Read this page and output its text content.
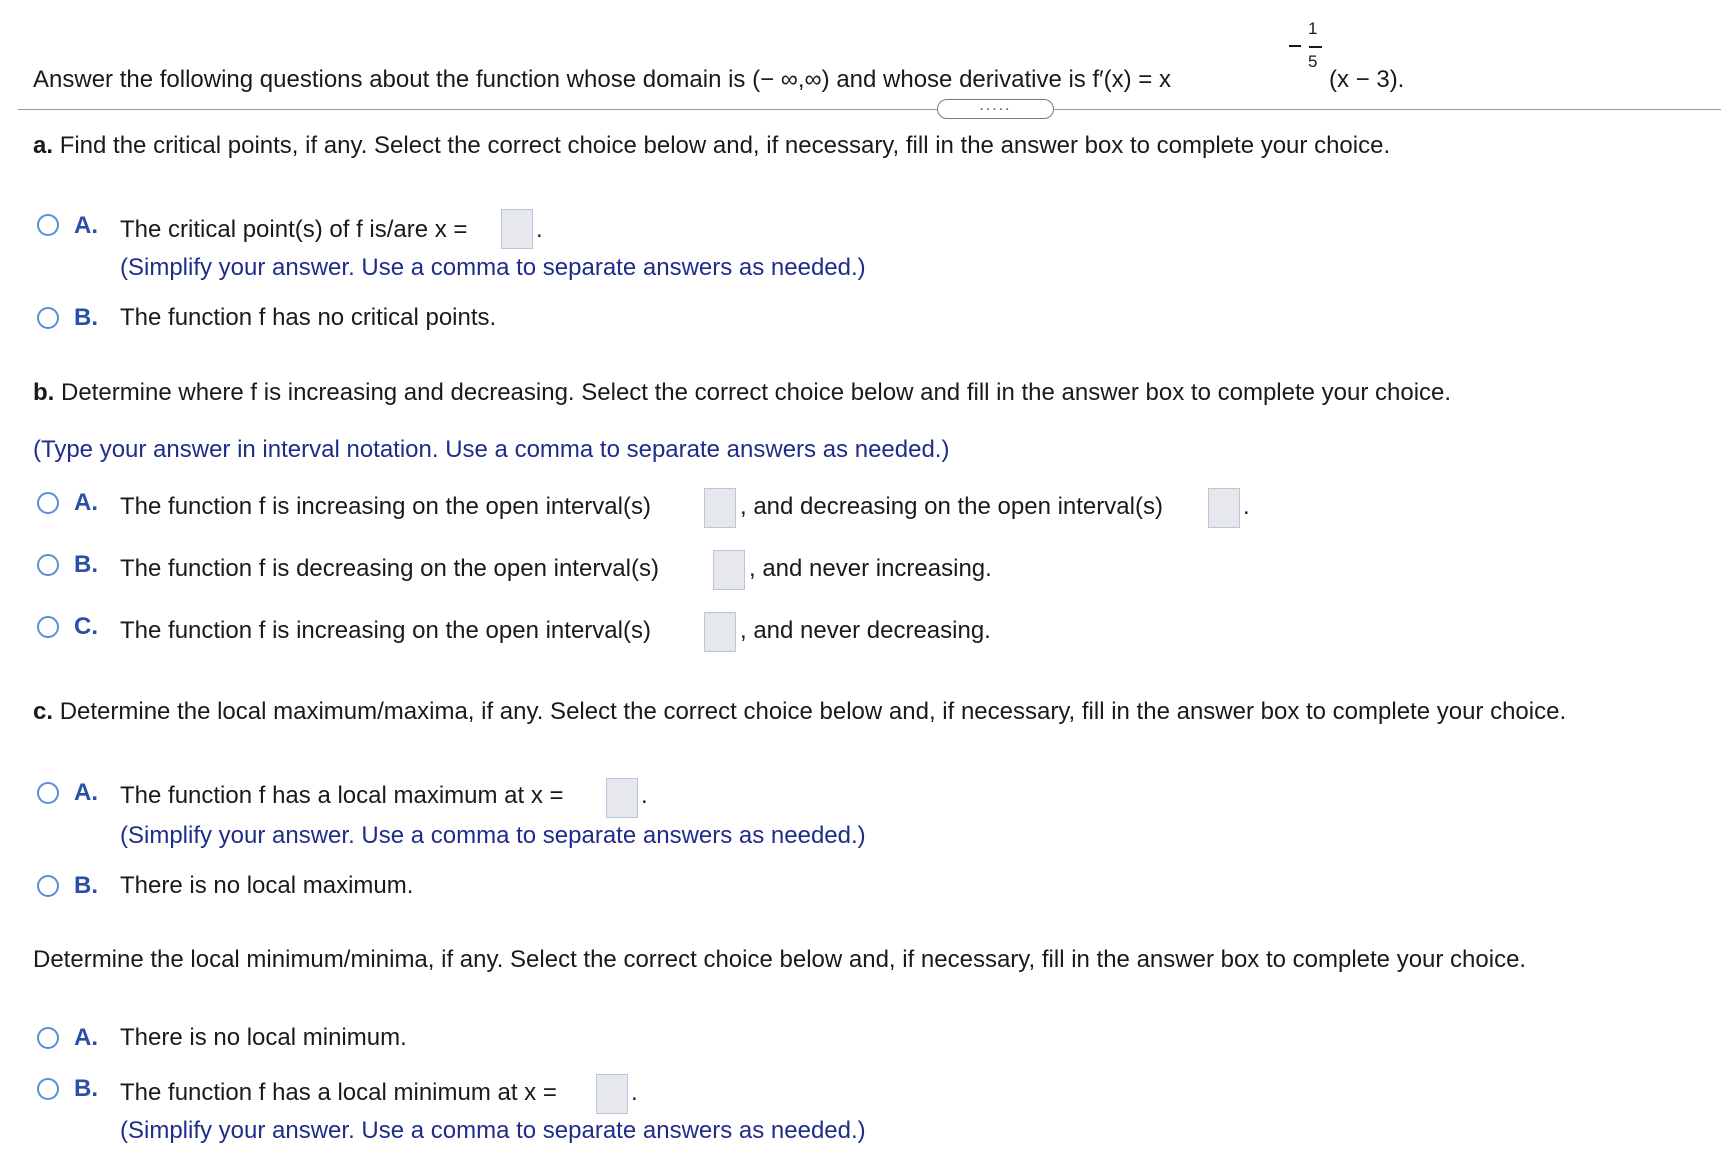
Answer the following questions about the function whose domain is (− ∞,∞) and whose derivative is f′(x) = x
1
5
(x − 3).
.....
a. Find the critical points, if any. Select the correct choice below and, if necessary, fill in the answer box to complete your choice.
A. The critical point(s) of f is/are x =	.
(Simplify your answer. Use a comma to separate answers as needed.)
B. The function f has no critical points.
b. Determine where f is increasing and decreasing. Select the correct choice below and fill in the answer box to complete your choice.
(Type your answer in interval notation. Use a comma to separate answers as needed.)
A. The function f is increasing on the open interval(s)	, and decreasing on the open interval(s)	.
B. The function f is decreasing on the open interval(s)	, and never increasing.
C. The function f is increasing on the open interval(s)	, and never decreasing.
c. Determine the local maximum/maxima, if any. Select the correct choice below and, if necessary, fill in the answer box to complete your choice.
A. The function f has a local maximum at x =	.
(Simplify your answer. Use a comma to separate answers as needed.)
B. There is no local maximum.
Determine the local minimum/minima, if any. Select the correct choice below and, if necessary, fill in the answer box to complete your choice.
A. There is no local minimum.
B. The function f has a local minimum at x =	.
(Simplify your answer. Use a comma to separate answers as needed.)
